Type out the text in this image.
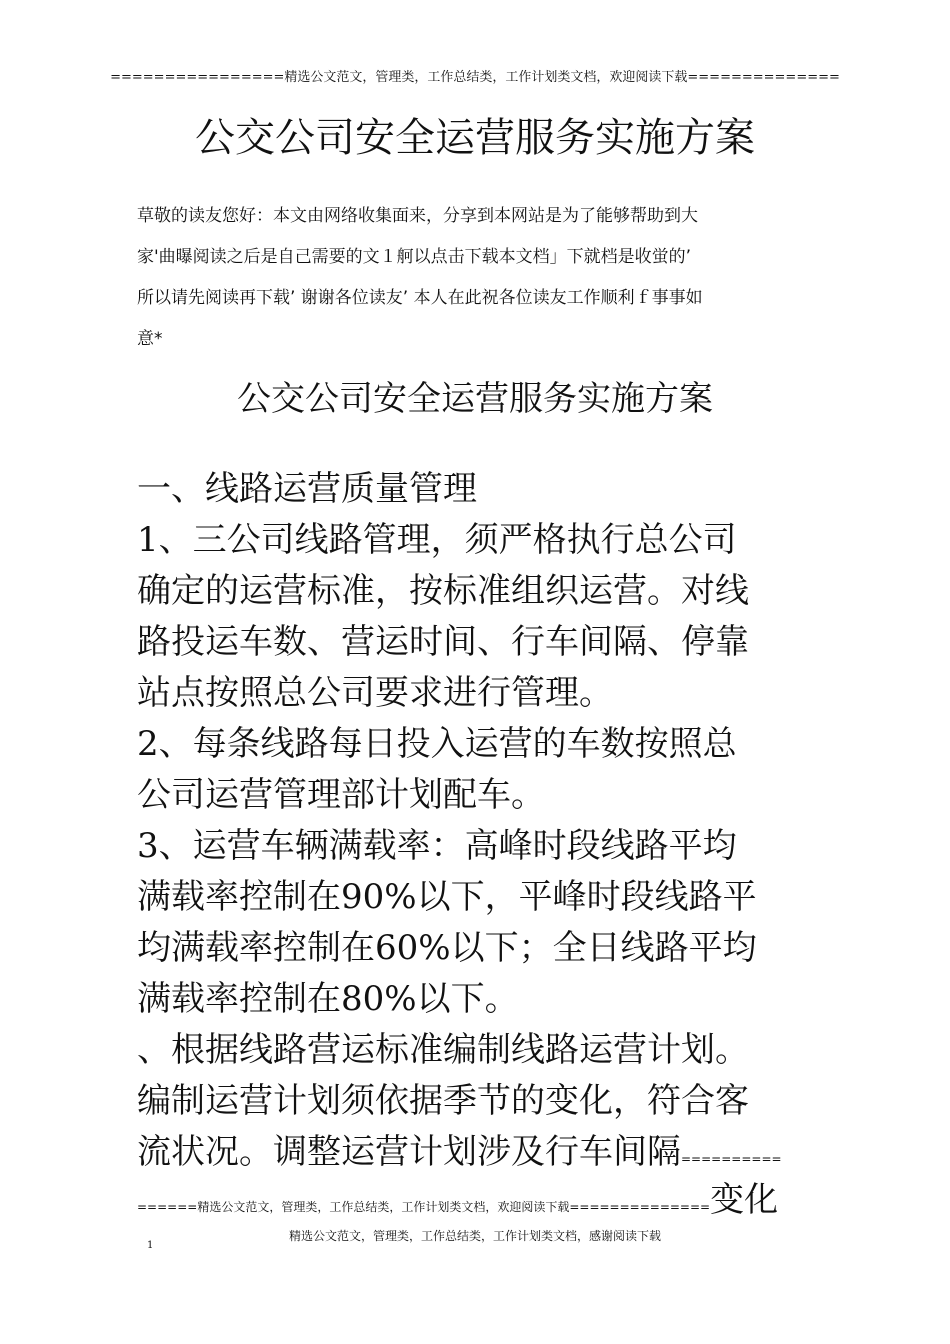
================精选公文范文，管理类，工作总结类，工作计划类文档，欢迎阅读下载==============
公交公司安全运营服务实施方案
草敬的读友您好：本文由网络收集面来，分享到本网站是为了能够帮助到大
家'曲曝阅读之后是自己需要的文１舸以点击下载本文档」下就档是收蛍的’
所以请先阅读再下载’ 谢谢各位读友’ 本人在此祝各位读友工作顺利ｆ事事如
意*
公交公司安全运营服务实施方案
一、线路运营质量管理
1、三公司线路管理，须严格执行总公司
确定的运营标准，按标准组织运营。对线
路投运车数、营运时间、行车间隔、停靠
站点按照总公司要求进行管理。
2、每条线路每日投入运营的车数按照总
公司运营管理部计划配车。
3、运营车辆满载率：高峰时段线路平均
满载率控制在90%以下，平峰时段线路平
均满载率控制在60%以下；全日线路平均
满载率控制在80%以下。
、根据线路营运标准编制线路运营计划。
编制运营计划须依据季节的变化，符合客
流状况。调整运营计划涉及行车间隔==========
======精选公文范文，管理类，工作总结类，工作计划类文档，欢迎阅读下载==============变化
精选公文范文，管理类，工作总结类，工作计划类文档，感谢阅读下载
1
